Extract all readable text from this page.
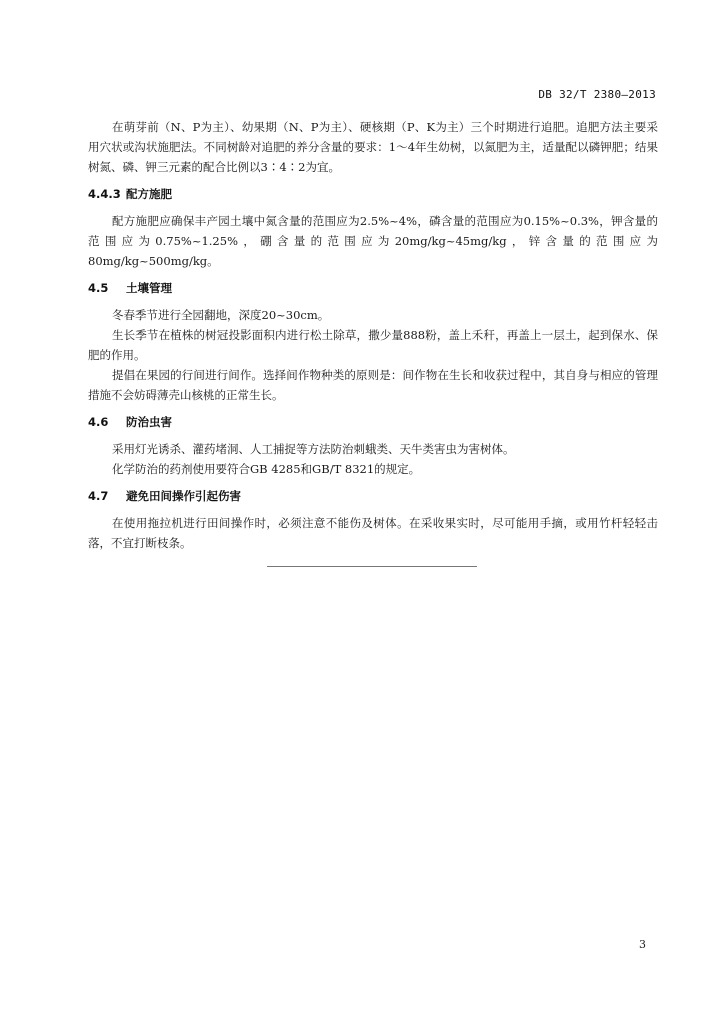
DB 32/T 2380—2013

在萌芽前（N、P为主）、幼果期（N、P为主）、硬核期（P、K为主）三个时期进行追肥。追肥方法主要采用穴状或沟状施肥法。不同树龄对追肥的养分含量的要求：1～4年生幼树，以氮肥为主，适量配以磷钾肥；结果树氮、磷、钾三元素的配合比例以3∶4∶2为宜。

4.4.3 配方施肥

配方施肥应确保丰产园土壤中氮含量的范围应为2.5%~4%，磷含量的范围应为0.15%~0.3%，钾含量的范围应为0.75%~1.25%，硼含量的范围应为20mg/kg~45mg/kg，锌含量的范围应为80mg/kg~500mg/kg。

4.5 土壤管理

冬春季节进行全园翻地，深度20~30cm。

生长季节在植株的树冠投影面积内进行松土除草，撒少量888粉，盖上禾秆，再盖上一层土，起到保水、保肥的作用。

提倡在果园的行间进行间作。选择间作物种类的原则是：间作物在生长和收获过程中，其自身与相应的管理措施不会妨碍薄壳山核桃的正常生长。

4.6 防治虫害

采用灯光诱杀、灌药堵洞、人工捕捉等方法防治刺蛾类、天牛类害虫为害树体。

化学防治的药剂使用要符合GB 4285和GB/T 8321的规定。

4.7 避免田间操作引起伤害

在使用拖拉机进行田间操作时，必须注意不能伤及树体。在采收果实时，尽可能用手摘，或用竹杆轻轻击落，不宜打断枝条。

3
